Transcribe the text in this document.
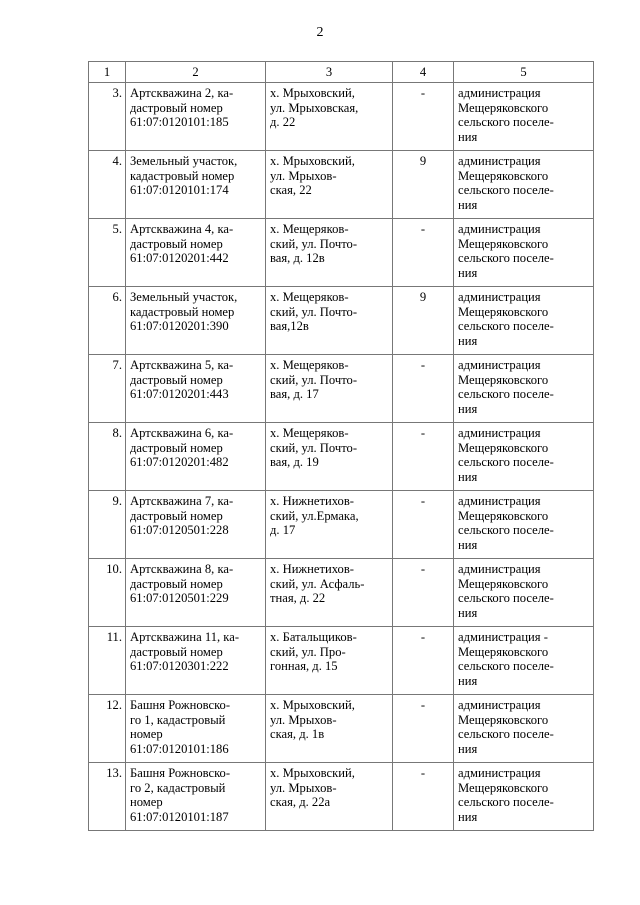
2
1	2	3	4	5
3.	Артскважина 2, ка-
дастровый номер
61:07:0120101:185	х. Мрыховский,
ул. Мрыховская,
д. 22	-	администрация
Мещеряковского
сельского поселе-
ния

4.	Земельный участок,
кадастровый номер
61:07:0120101:174	х. Мрыховский,
ул. Мрыхов-
ская, 22	9	администрация
Мещеряковского
сельского поселе-
ния

5.	Артскважина 4, ка-
дастровый номер
61:07:0120201:442	х. Мещеряков-
ский, ул. Почто-
вая, д. 12в	-	администрация
Мещеряковского
сельского поселе-
ния

6.	Земельный участок,
кадастровый номер
61:07:0120201:390	х. Мещеряков-
ский, ул. Почто-
вая,12в	9	администрация
Мещеряковского
сельского поселе-
ния

7.	Артскважина 5, ка-
дастровый номер
61:07:0120201:443	х. Мещеряков-
ский, ул. Почто-
вая, д. 17	-	администрация
Мещеряковского
сельского поселе-
ния

8.	Артскважина 6, ка-
дастровый номер
61:07:0120201:482	х. Мещеряков-
ский, ул. Почто-
вая, д. 19	-	администрация
Мещеряковского
сельского поселе-
ния

9.	Артскважина 7, ка-
дастровый номер
61:07:0120501:228	х. Нижнетихов-
ский, ул.Ермака,
д. 17	-	администрация
Мещеряковского
сельского поселе-
ния

10.	Артскважина 8, ка-
дастровый номер
61:07:0120501:229	х. Нижнетихов-
ский, ул. Асфаль-
тная, д. 22	-	администрация
Мещеряковского
сельского поселе-
ния

11.	Артскважина 11, ка-
дастровый номер
61:07:0120301:222	х. Батальщиков-
ский, ул. Про-
гонная, д. 15	-	администрация -
Мещеряковского
сельского поселе-
ния

12.	Башня Рожновско-
го 1, кадастровый
номер
61:07:0120101:186	х. Мрыховский,
ул. Мрыхов-
ская, д. 1в	-	администрация
Мещеряковского
сельского поселе-
ния

13.	Башня Рожновско-
го 2, кадастровый
номер
61:07:0120101:187	х. Мрыховский,
ул. Мрыхов-
ская, д. 22а	-	администрация
Мещеряковского
сельского поселе-
ния
